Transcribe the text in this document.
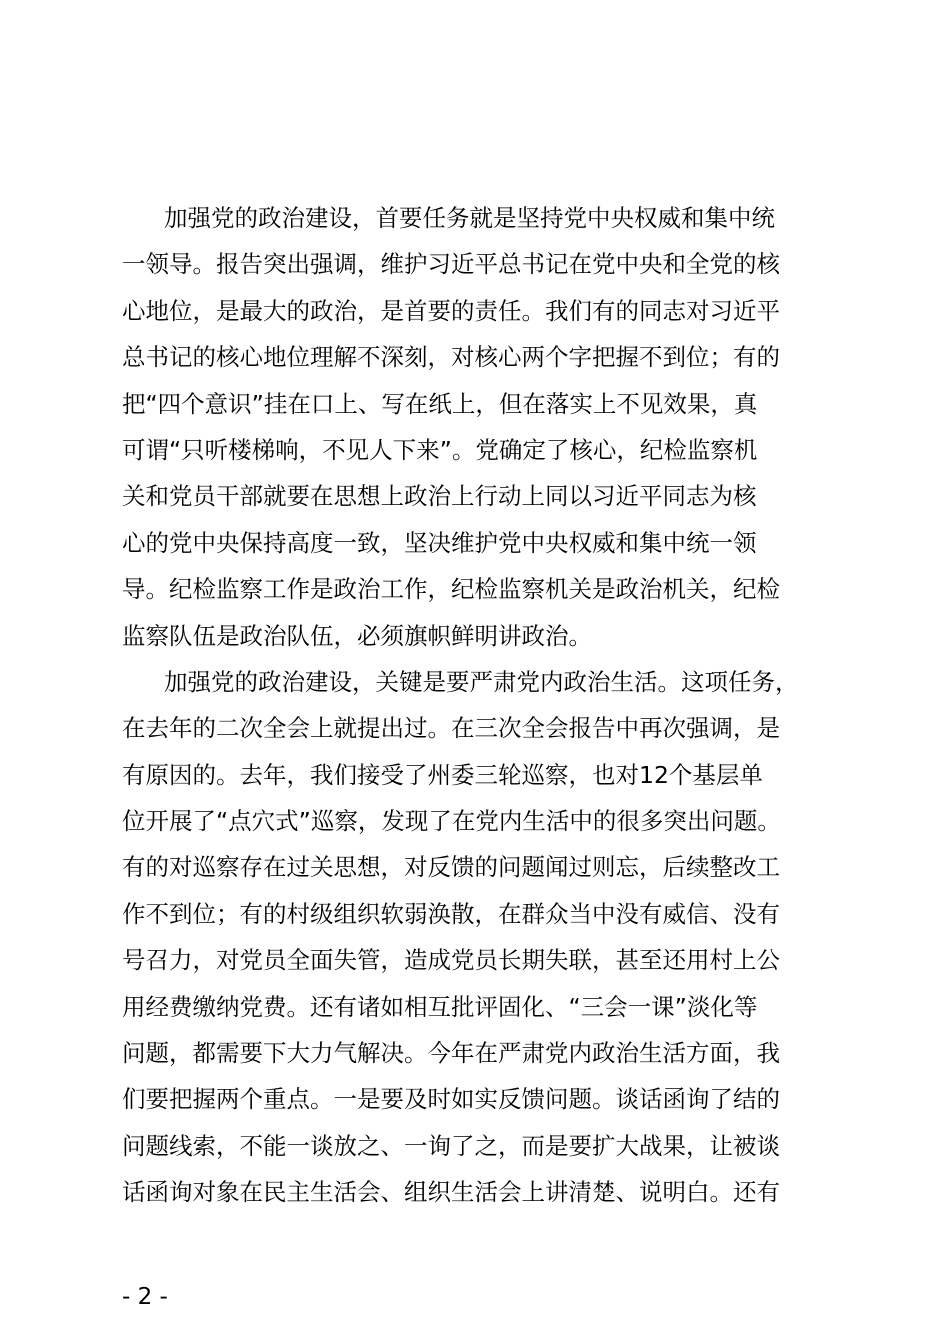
加强党的政治建设，首要任务就是坚持党中央权威和集中统
一领导。报告突出强调，维护习近平总书记在党中央和全党的核
心地位，是最大的政治，是首要的责任。我们有的同志对习近平
总书记的核心地位理解不深刻，对核心两个字把握不到位；有的
把“四个意识”挂在口上、写在纸上，但在落实上不见效果，真
可谓“只听楼梯响，不见人下来”。党确定了核心，纪检监察机
关和党员干部就要在思想上政治上行动上同以习近平同志为核
心的党中央保持高度一致，坚决维护党中央权威和集中统一领
导。纪检监察工作是政治工作，纪检监察机关是政治机关，纪检
监察队伍是政治队伍，必须旗帜鲜明讲政治。
加强党的政治建设，关键是要严肃党内政治生活。这项任务，
在去年的二次全会上就提出过。在三次全会报告中再次强调，是
有原因的。去年，我们接受了州委三轮巡察，也对12个基层单
位开展了“点穴式”巡察，发现了在党内生活中的很多突出问题。
有的对巡察存在过关思想，对反馈的问题闻过则忘，后续整改工
作不到位；有的村级组织软弱涣散，在群众当中没有威信、没有
号召力，对党员全面失管，造成党员长期失联，甚至还用村上公
用经费缴纳党费。还有诸如相互批评固化、“三会一课”淡化等
问题，都需要下大力气解决。今年在严肃党内政治生活方面，我
们要把握两个重点。一是要及时如实反馈问题。谈话函询了结的
问题线索，不能一谈放之、一询了之，而是要扩大战果，让被谈
话函询对象在民主生活会、组织生活会上讲清楚、说明白。还有
- 2 -
